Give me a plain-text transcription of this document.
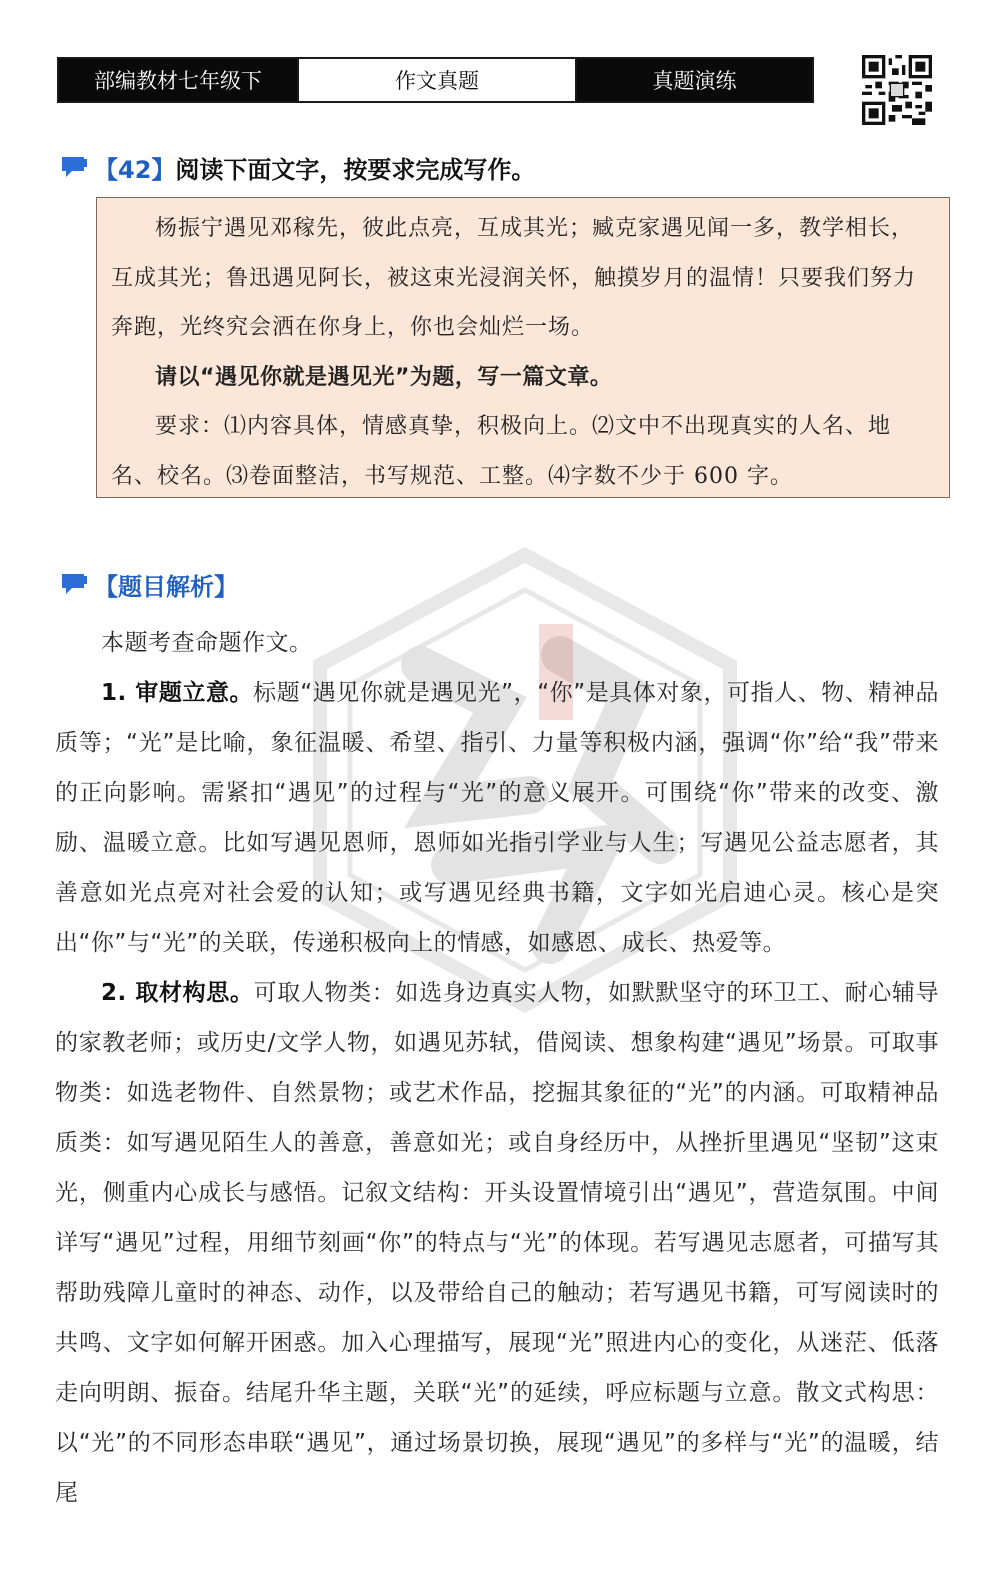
部编教材七年级下	作文真题	真题演练
【42】阅读下面文字，按要求完成写作。

杨振宁遇见邓稼先，彼此点亮，互成其光；臧克家遇见闻一多，教学相长，互成其光；鲁迅遇见阿长，被这束光浸润关怀，触摸岁月的温情！只要我们努力奔跑，光终究会洒在你身上，你也会灿烂一场。

请以“遇见你就是遇见光”为题，写一篇文章。

要求：⑴内容具体，情感真挚，积极向上。⑵文中不出现真实的人名、地名、校名。⑶卷面整洁，书写规范、工整。⑷字数不少于 600 字。

【题目解析】

本题考查命题作文。

1. 审题立意。标题“遇见你就是遇见光”，“你”是具体对象，可指人、物、精神品质等；“光”是比喻，象征温暖、希望、指引、力量等积极内涵，强调“你”给“我”带来的正向影响。需紧扣“遇见”的过程与“光”的意义展开。可围绕“你”带来的改变、激励、温暖立意。比如写遇见恩师，恩师如光指引学业与人生；写遇见公益志愿者，其善意如光点亮对社会爱的认知；或写遇见经典书籍，文字如光启迪心灵。核心是突出“你”与“光”的关联，传递积极向上的情感，如感恩、成长、热爱等。

2. 取材构思。可取人物类：如选身边真实人物，如默默坚守的环卫工、耐心辅导的家教老师；或历史/文学人物，如遇见苏轼，借阅读、想象构建“遇见”场景。可取事物类：如选老物件、自然景物；或艺术作品，挖掘其象征的“光”的内涵。可取精神品质类：如写遇见陌生人的善意，善意如光；或自身经历中，从挫折里遇见“坚韧”这束光，侧重内心成长与感悟。记叙文结构：开头设置情境引出“遇见”，营造氛围。中间详写“遇见”过程，用细节刻画“你”的特点与“光”的体现。若写遇见志愿者，可描写其帮助残障儿童时的神态、动作，以及带给自己的触动；若写遇见书籍，可写阅读时的共鸣、文字如何解开困惑。加入心理描写，展现“光”照进内心的变化，从迷茫、低落走向明朗、振奋。结尾升华主题，关联“光”的延续，呼应标题与立意。散文式构思：以“光”的不同形态串联“遇见”，通过场景切换，展现“遇见”的多样与“光”的温暖，结尾
